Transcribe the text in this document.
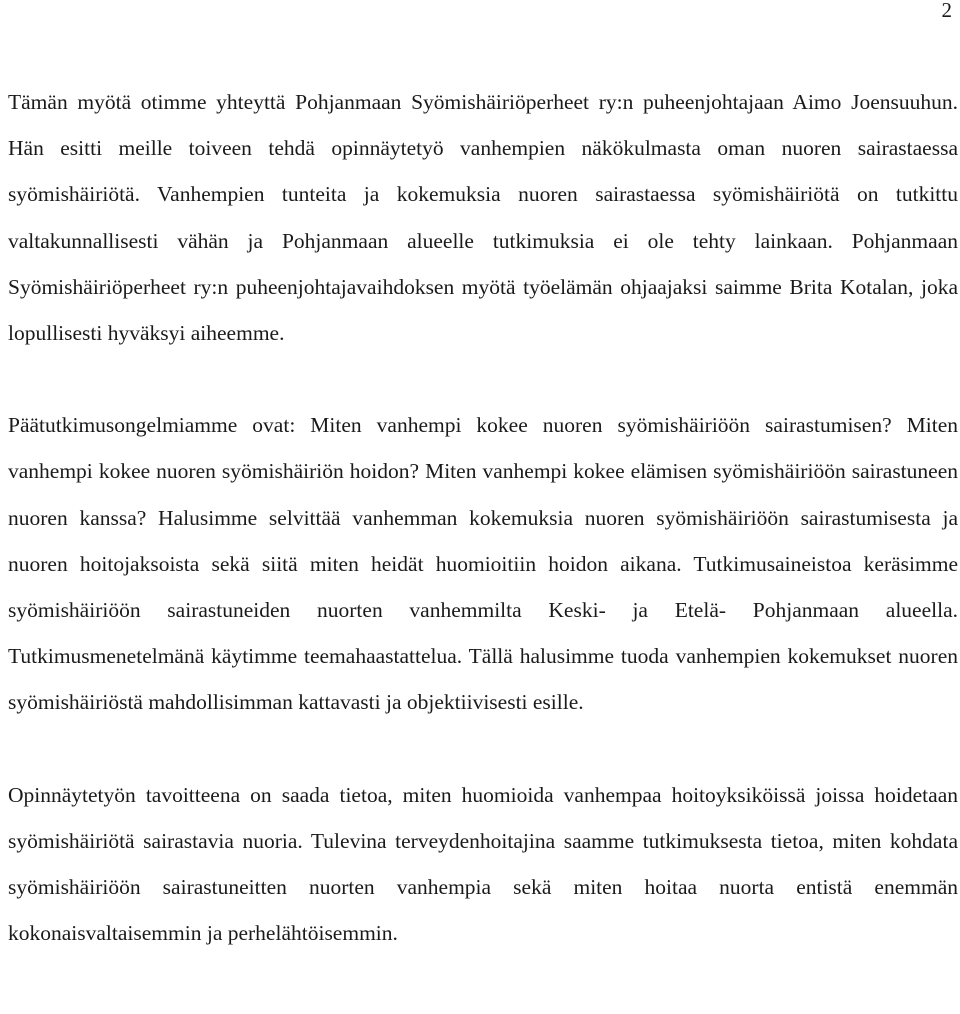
2

Tämän myötä otimme yhteyttä Pohjanmaan Syömishäiriöperheet ry:n puheenjohtajaan Aimo Joensuuhun. Hän esitti meille toiveen tehdä opinnäytetyö vanhempien näkökulmasta oman nuoren sairastaessa syömishäiriötä. Vanhempien tunteita ja kokemuksia nuoren sairastaessa syömishäiriötä on tutkittu valtakunnallisesti vähän ja Pohjanmaan alueelle tutkimuksia ei ole tehty lainkaan. Pohjanmaan Syömishäiriöperheet ry:n puheenjohtajavaihdoksen myötä työelämän ohjaajaksi saimme Brita Kotalan, joka lopullisesti hyväksyi aiheemme.

Päätutkimusongelmiamme ovat: Miten vanhempi kokee nuoren syömishäiriöön sairastumisen? Miten vanhempi kokee nuoren syömishäiriön hoidon? Miten vanhempi kokee elämisen syömishäiriöön sairastuneen nuoren kanssa? Halusimme selvittää vanhemman kokemuksia nuoren syömishäiriöön sairastumisesta ja nuoren hoitojaksoista sekä siitä miten heidät huomioitiin hoidon aikana. Tutkimusaineistoa keräsimme syömishäiriöön sairastuneiden nuorten vanhemmilta Keski- ja Etelä- Pohjanmaan alueella. Tutkimusmenetelmänä käytimme teemahaastattelua. Tällä halusimme tuoda vanhempien kokemukset nuoren syömishäiriöstä mahdollisimman kattavasti ja objektiivisesti esille.

Opinnäytetyön tavoitteena on saada tietoa, miten huomioida vanhempaa hoitoyksiköissä joissa hoidetaan syömishäiriötä sairastavia nuoria. Tulevina terveydenhoitajina saamme tutkimuksesta tietoa, miten kohdata syömishäiriöön sairastuneitten nuorten vanhempia sekä miten hoitaa nuorta entistä enemmän kokonaisvaltaisemmin ja perhelähtöisemmin.
